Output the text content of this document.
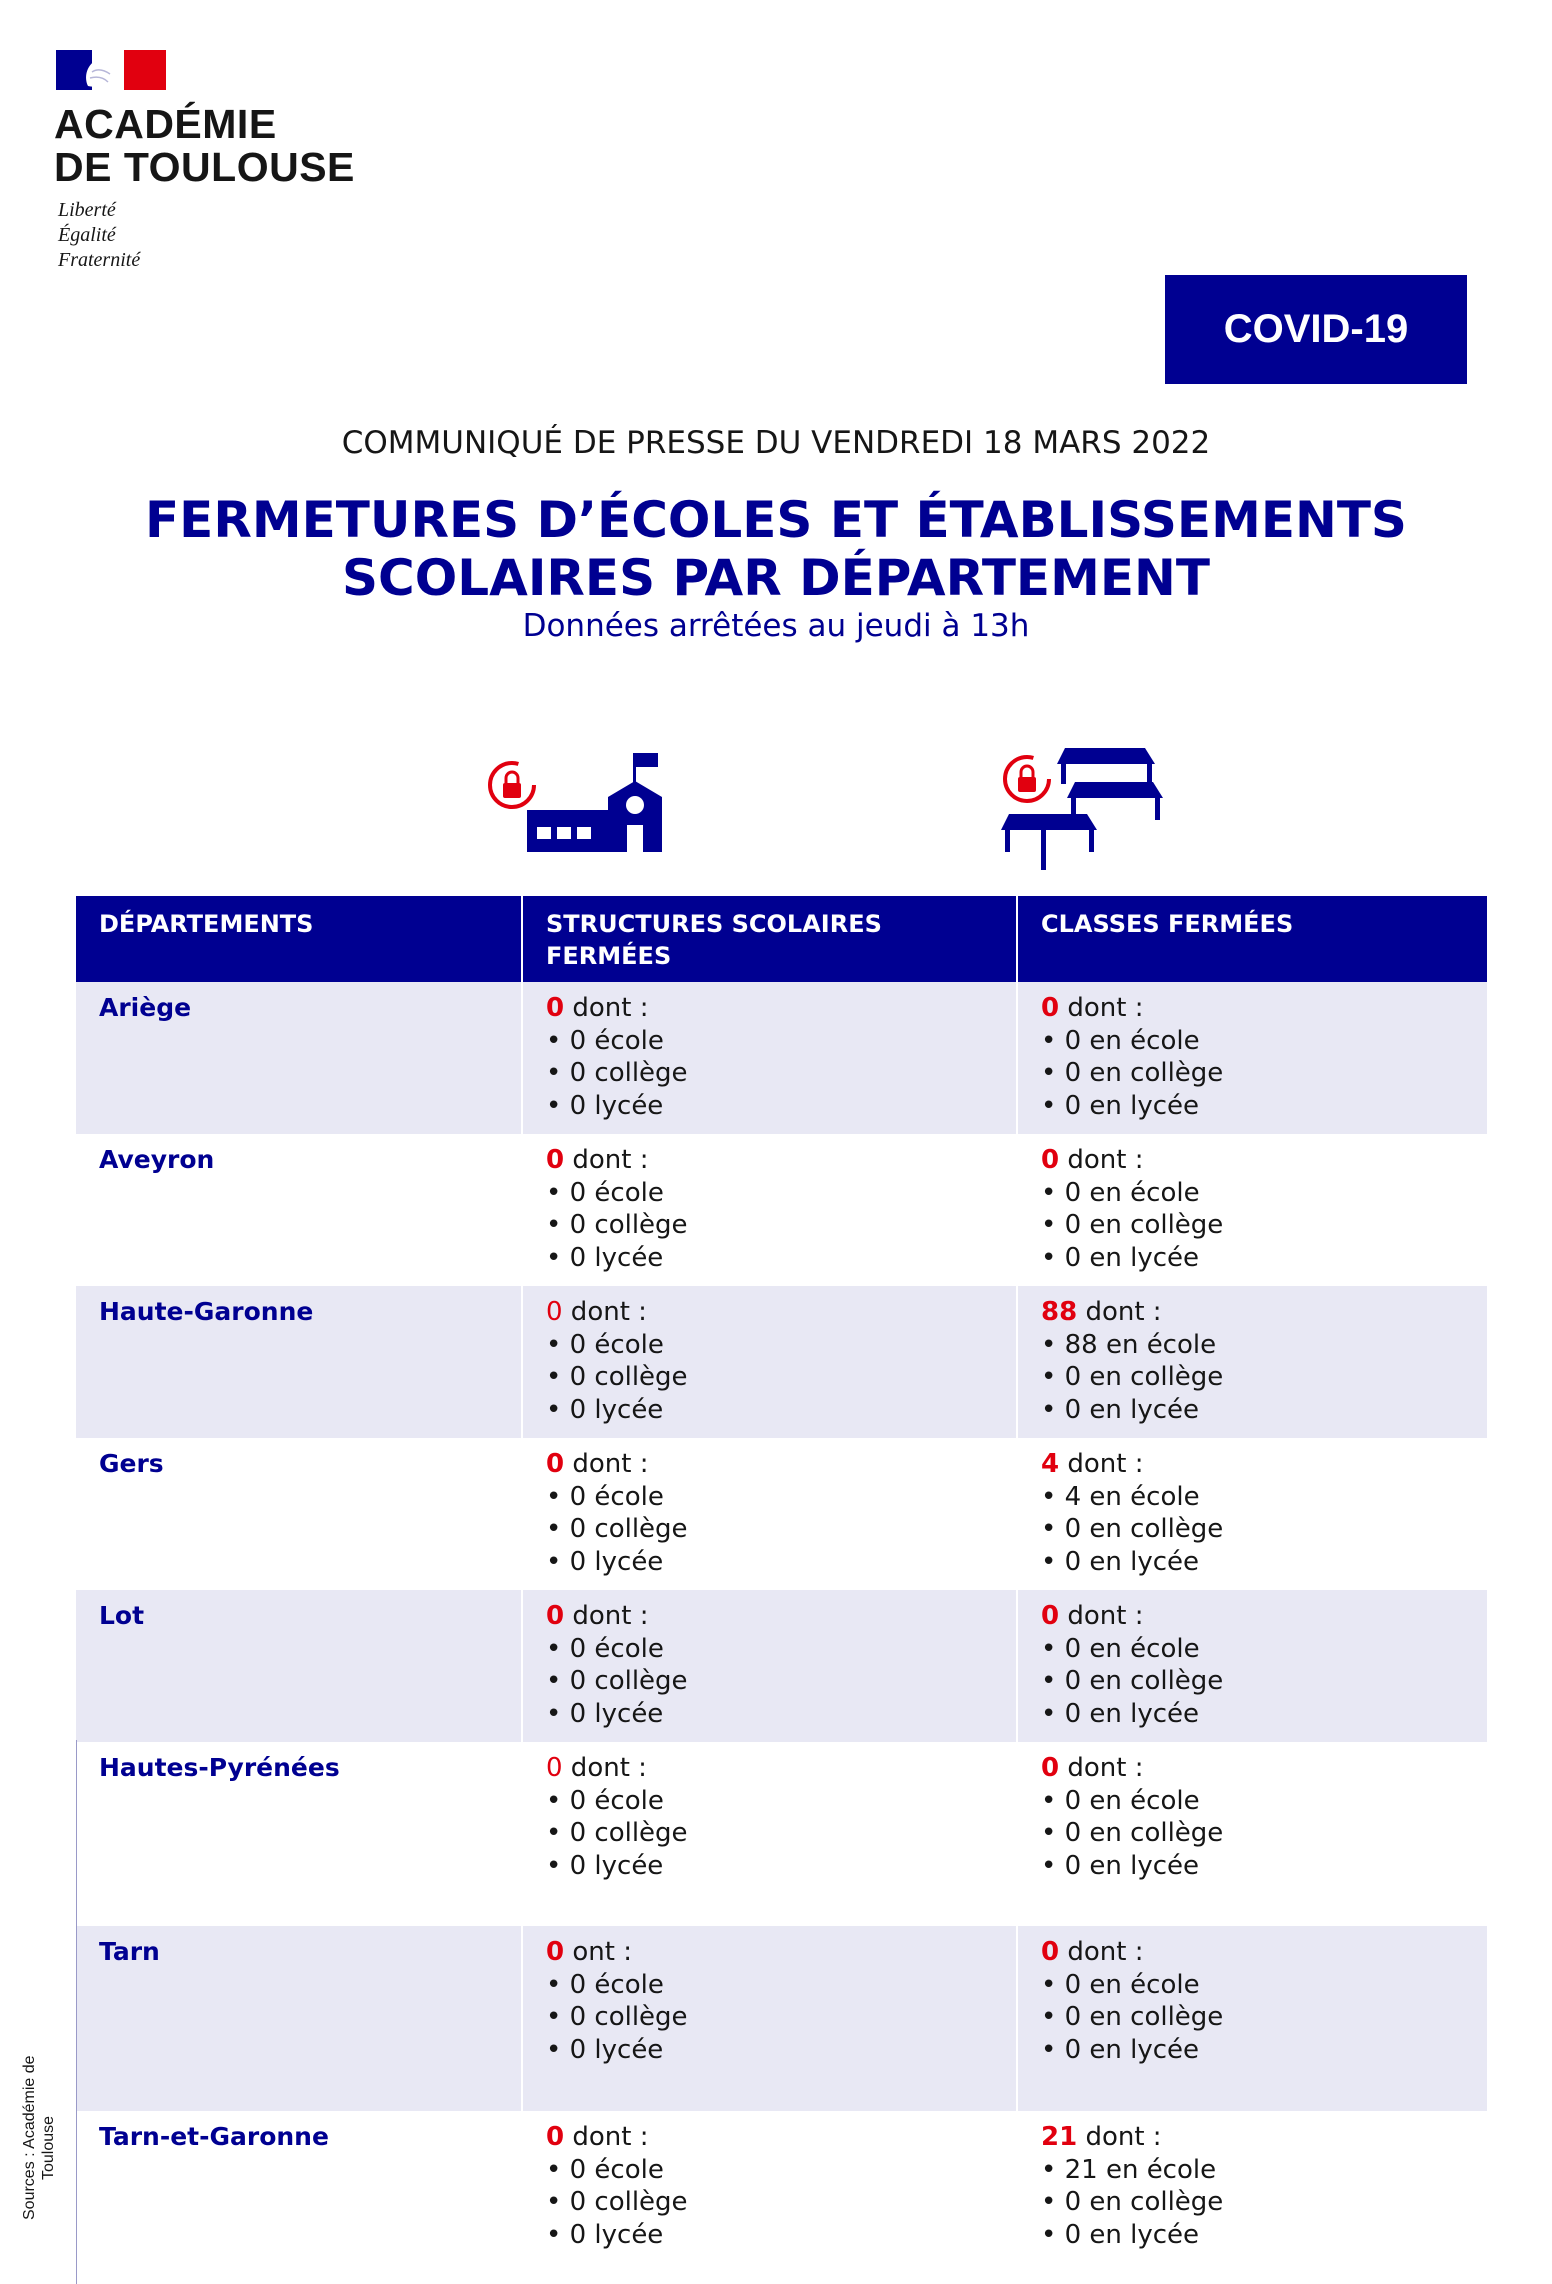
ACADÉMIE
DE TOULOUSE
Liberté
Égalité
Fraternité
COVID-19
COMMUNIQUÉ DE PRESSE DU VENDREDI 18 MARS 2022
FERMETURES D’ÉCOLES ET ÉTABLISSEMENTS
SCOLAIRES PAR DÉPARTEMENT
Données arrêtées au jeudi à 13h
DÉPARTEMENTS	STRUCTURES SCOLAIRES FERMÉES	CLASSES FERMÉES
Ariège	0 dont :
• 0 école
• 0 collège
• 0 lycée	0 dont :
• 0 en école
• 0 en collège
• 0 en lycée

Aveyron	0 dont :
• 0 école
• 0 collège
• 0 lycée	0 dont :
• 0 en école
• 0 en collège
• 0 en lycée

Haute-Garonne	0 dont :
• 0 école
• 0 collège
• 0 lycée	88 dont :
• 88 en école
• 0 en collège
• 0 en lycée

Gers	0 dont :
• 0 école
• 0 collège
• 0 lycée	4 dont :
• 4 en école
• 0 en collège
• 0 en lycée

Lot	0 dont :
• 0 école
• 0 collège
• 0 lycée	0 dont :
• 0 en école
• 0 en collège
• 0 en lycée

Hautes-Pyrénées	0 dont :
• 0 école
• 0 collège
• 0 lycée	0 dont :
• 0 en école
• 0 en collège
• 0 en lycée

Tarn	0 ont :
• 0 école
• 0 collège
• 0 lycée	0 dont :
• 0 en école
• 0 en collège
• 0 en lycée

Tarn-et-Garonne	0 dont :
• 0 école
• 0 collège
• 0 lycée	21 dont :
• 21 en école
• 0 en collège
• 0 en lycée
Sources : Académie de Toulouse
